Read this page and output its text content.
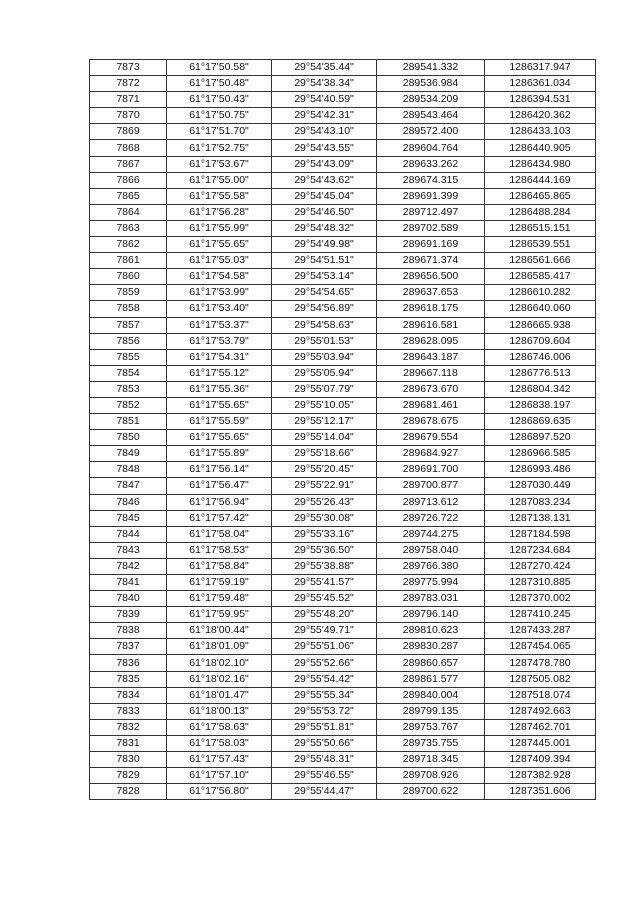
7873	61°17'50.58"	29°54'35.44"	289541.332	1286317.947
7872	61°17'50.48"	29°54'38.34"	289536.984	1286361.034
7871	61°17'50.43"	29°54'40.59"	289534.209	1286394.531
7870	61°17'50.75"	29°54'42.31"	289543.464	1286420.362
7869	61°17'51.70"	29°54'43.10"	289572.400	1286433.103
7868	61°17'52.75"	29°54'43.55"	289604.764	1286440.905
7867	61°17'53.67"	29°54'43.09"	289633.262	1286434.980
7866	61°17'55.00"	29°54'43.62"	289674.315	1286444.169
7865	61°17'55.58"	29°54'45.04"	289691.399	1286465.865
7864	61°17'56.28"	29°54'46.50"	289712.497	1286488.284
7863	61°17'55.99"	29°54'48.32"	289702.589	1286515.151
7862	61°17'55.65"	29°54'49.98"	289691.169	1286539.551
7861	61°17'55.03"	29°54'51.51"	289671.374	1286561.666
7860	61°17'54.58"	29°54'53.14"	289656.500	1286585.417
7859	61°17'53.99"	29°54'54.65"	289637.653	1286610.282
7858	61°17'53.40"	29°54'56.89"	289618.175	1286640.060
7857	61°17'53.37"	29°54'58.63"	289616.581	1286665.938
7856	61°17'53.79"	29°55'01.53"	289628.095	1286709.604
7855	61°17'54.31"	29°55'03.94"	289643.187	1286746.006
7854	61°17'55.12"	29°55'05.94"	289667.118	1286776.513
7853	61°17'55.36"	29°55'07.79"	289673.670	1286804.342
7852	61°17'55.65"	29°55'10.05"	289681.461	1286838.197
7851	61°17'55.59"	29°55'12.17"	289678.675	1286869.635
7850	61°17'55.65"	29°55'14.04"	289679.554	1286897.520
7849	61°17'55.89"	29°55'18.66"	289684.927	1286966.585
7848	61°17'56.14"	29°55'20.45"	289691.700	1286993.486
7847	61°17'56.47"	29°55'22.91"	289700.877	1287030.449
7846	61°17'56.94"	29°55'26.43"	289713.612	1287083.234
7845	61°17'57.42"	29°55'30.08"	289726.722	1287138.131
7844	61°17'58.04"	29°55'33.16"	289744.275	1287184.598
7843	61°17'58.53"	29°55'36.50"	289758.040	1287234.684
7842	61°17'58.84"	29°55'38.88"	289766.380	1287270.424
7841	61°17'59.19"	29°55'41.57"	289775.994	1287310.885
7840	61°17'59.48"	29°55'45.52"	289783.031	1287370.002
7839	61°17'59.95"	29°55'48.20"	289796.140	1287410.245
7838	61°18'00.44"	29°55'49.71"	289810.623	1287433.287
7837	61°18'01.09"	29°55'51.06"	289830.287	1287454.065
7836	61°18'02.10"	29°55'52.66"	289860.657	1287478.780
7835	61°18'02.16"	29°55'54.42"	289861.577	1287505.082
7834	61°18'01.47"	29°55'55.34"	289840.004	1287518.074
7833	61°18'00.13"	29°55'53.72"	289799.135	1287492.663
7832	61°17'58.63"	29°55'51.81"	289753.767	1287462.701
7831	61°17'58.03"	29°55'50.66"	289735.755	1287445.001
7830	61°17'57.43"	29°55'48.31"	289718.345	1287409.394
7829	61°17'57.10"	29°55'46.55"	289708.926	1287382.928
7828	61°17'56.80"	29°55'44.47"	289700.622	1287351.606
